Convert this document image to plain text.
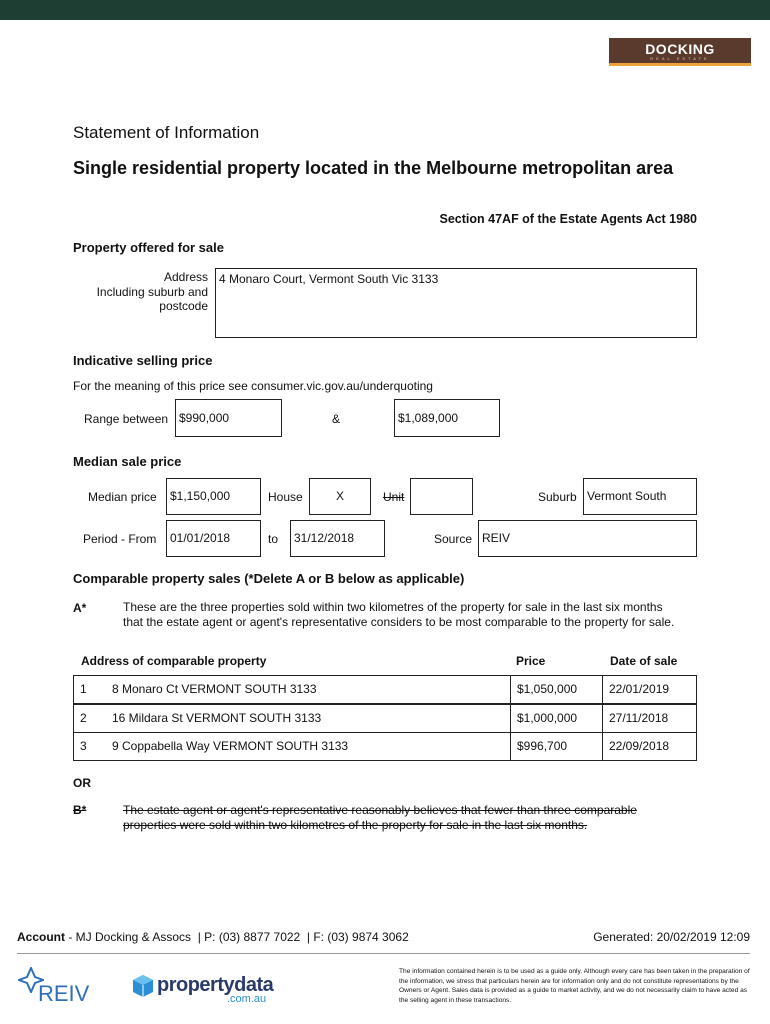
DOCKING
REAL ESTATE
Statement of Information
Single residential property located in the Melbourne metropolitan area
Section 47AF of the Estate Agents Act 1980
Property offered for sale
Address
Including suburb and
postcode
4 Monaro Court, Vermont South Vic 3133
Indicative selling price
For the meaning of this price see consumer.vic.gov.au/underquoting
Range between $990,000	&	$1,089,000
Median sale price
Median price	$1,150,000	House	X	Unit	Suburb Vermont South
Period - From	01/01/2018	to	31/12/2018	Source REIV
Comparable property sales (*Delete A or B below as applicable)
A*	These are the three properties sold within two kilometres of the property for sale in the last six months that the estate agent or agent's representative considers to be most comparable to the property for sale.
Address of comparable property	Price	Date of sale
1	8 Monaro Ct VERMONT SOUTH 3133	$1,050,000	22/01/2019
2	16 Mildara St VERMONT SOUTH 3133	$1,000,000	27/11/2018
3	9 Coppabella Way VERMONT SOUTH 3133	$996,700	22/09/2018
OR
B*	The estate agent or agent's representative reasonably believes that fewer than three comparable
properties were sold within two kilometres of the property for sale in the last six months.
Account - MJ Docking & Assocs  | P: (03) 8877 7022  | F: (03) 9874 3062	Generated: 20/02/2019 12:09
REIV	propertydata
.com.au
The information contained herein is to be used as a guide only. Although every care has been taken in the preparation of the information, we stress that particulars herein are for information only and do not constitute representations by the Owners or Agent. Sales data is provided as a guide to market activity, and we do not necessarily claim to have acted as the selling agent in these transactions.
